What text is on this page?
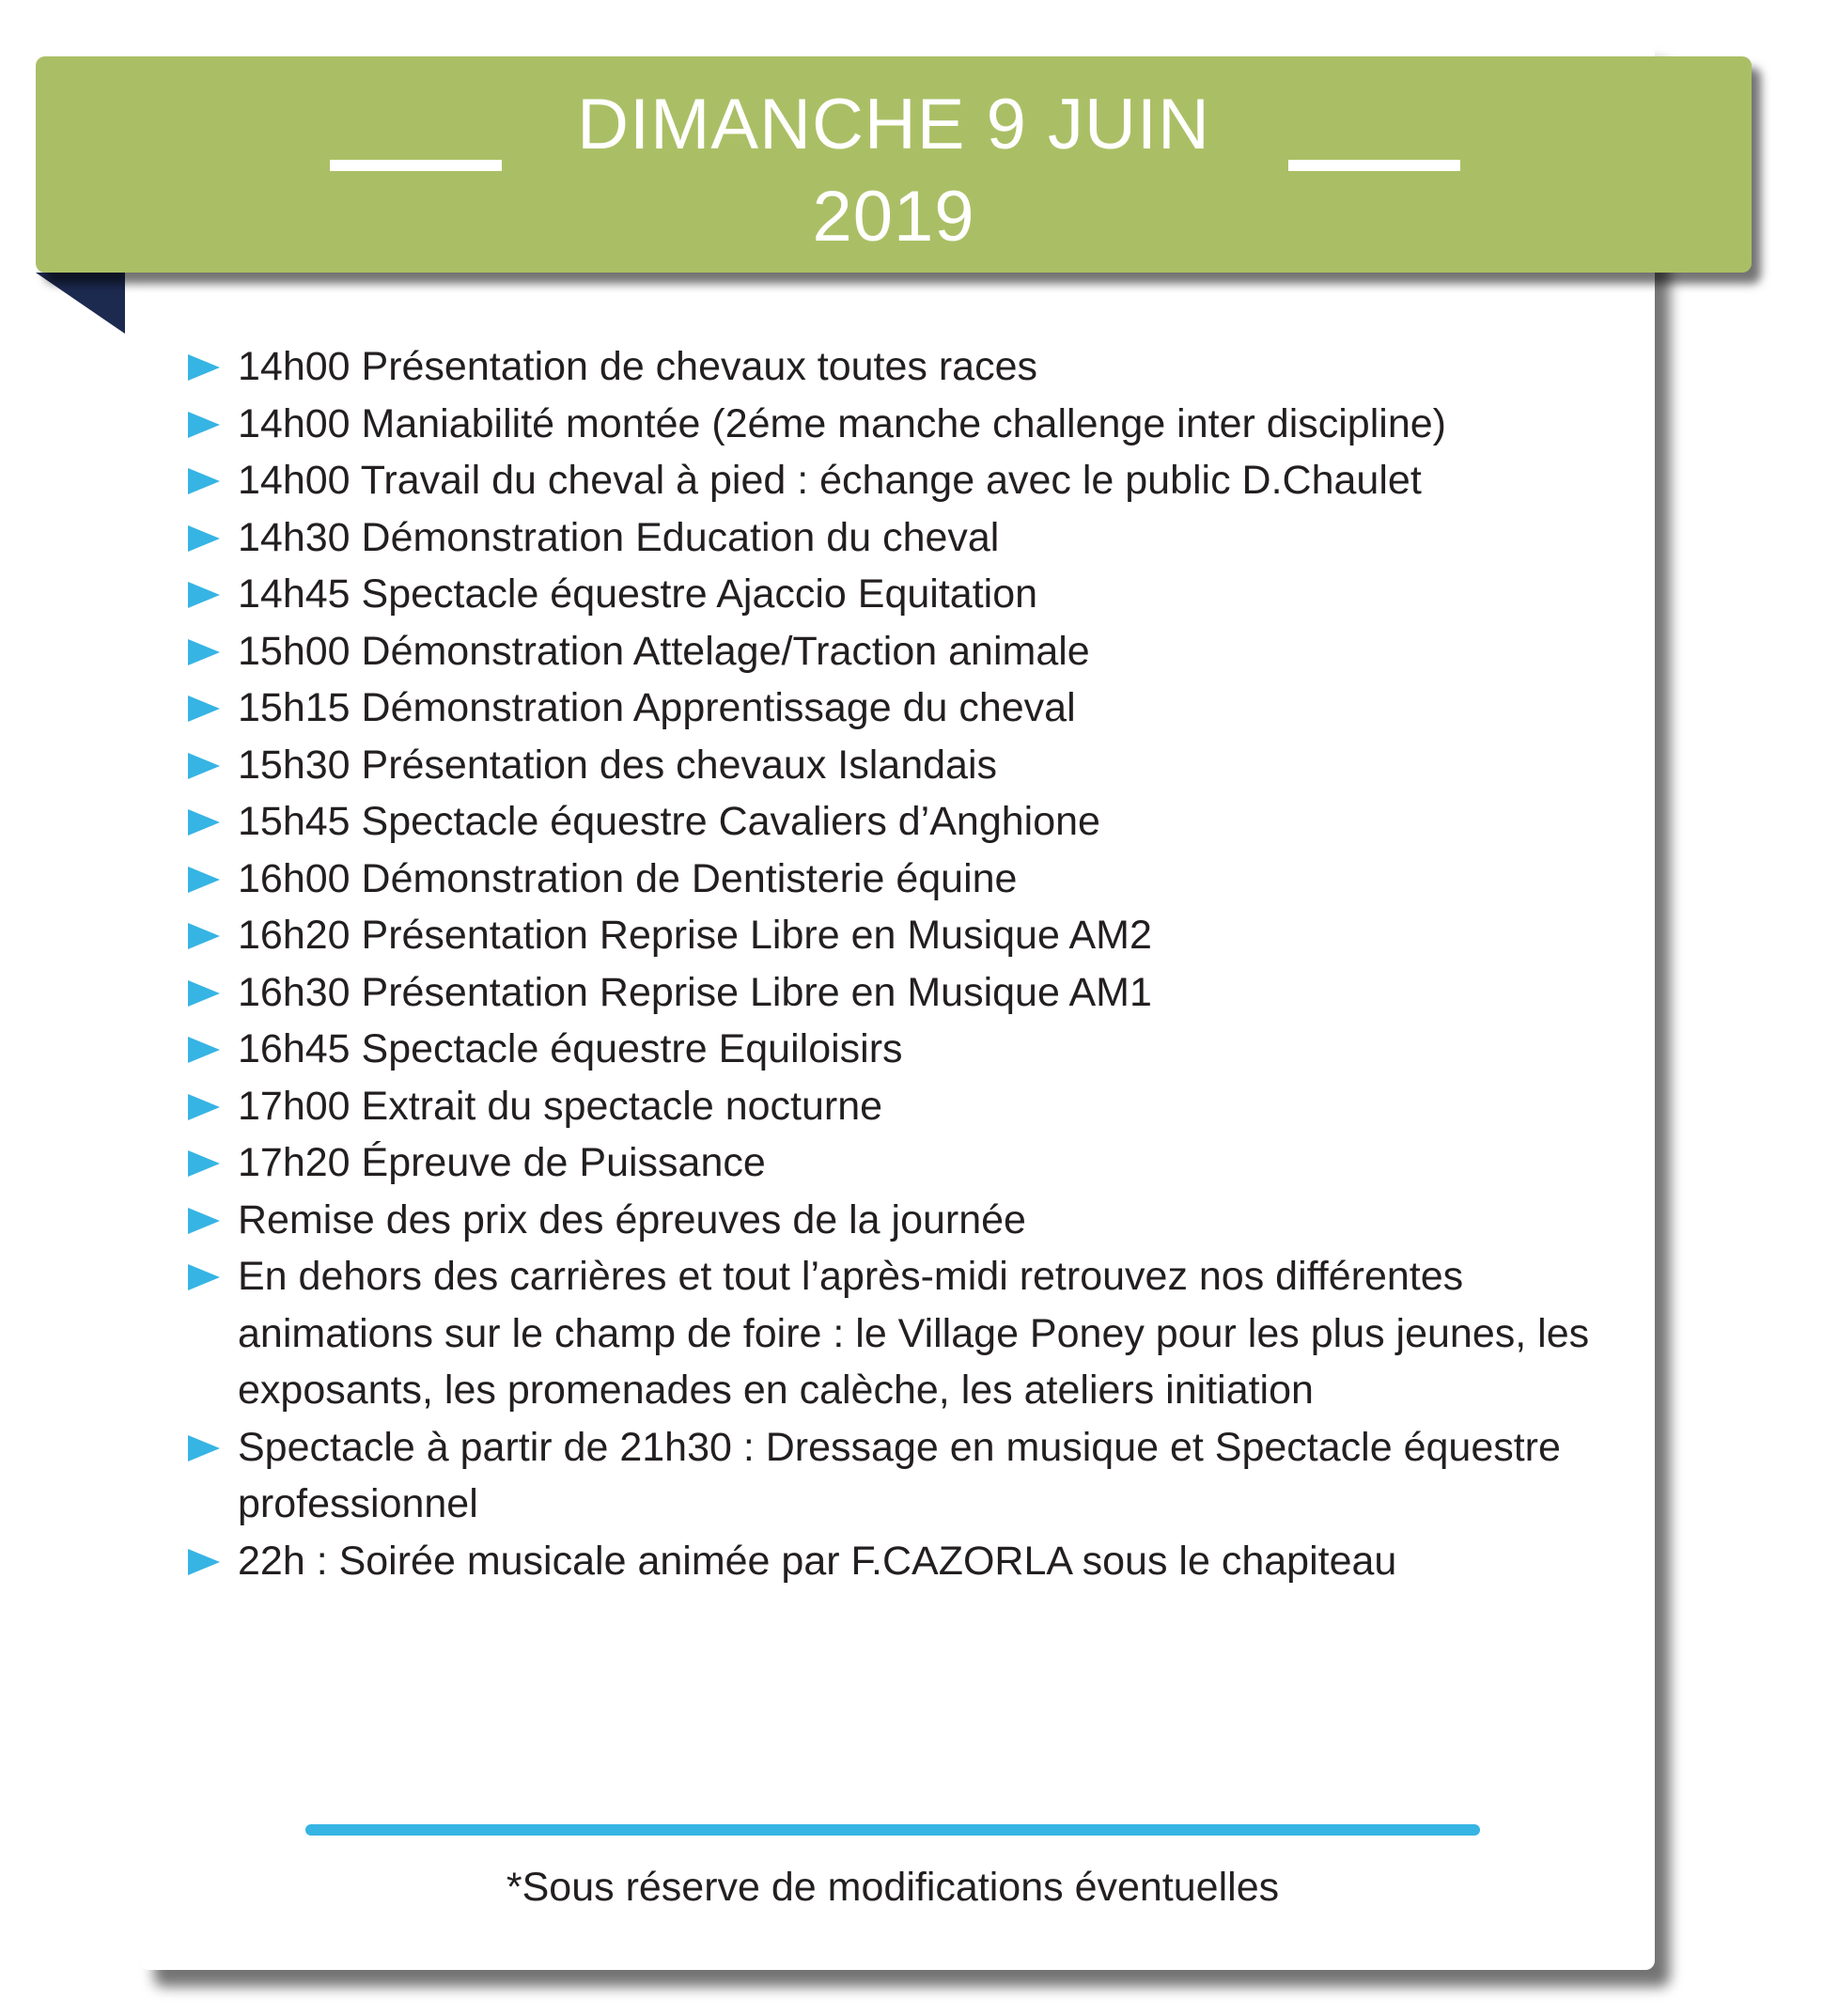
DIMANCHE 9 JUIN
2019
14h00 Présentation de chevaux toutes races
14h00 Maniabilité montée (2éme manche challenge inter discipline)
14h00 Travail du cheval à pied : échange avec le public D.Chaulet
14h30 Démonstration Education du cheval
14h45 Spectacle équestre Ajaccio Equitation
15h00 Démonstration Attelage/Traction animale
15h15 Démonstration Apprentissage du cheval
15h30 Présentation des chevaux Islandais
15h45 Spectacle équestre Cavaliers d’Anghione
16h00 Démonstration de Dentisterie équine
16h20 Présentation Reprise Libre en Musique AM2
16h30 Présentation Reprise Libre en Musique AM1
16h45 Spectacle équestre Equiloisirs
17h00 Extrait du spectacle nocturne
17h20 Épreuve de Puissance
Remise des prix des épreuves de la journée
En dehors des carrières et tout l’après-midi retrouvez nos différentes animations sur le champ de foire : le Village Poney pour les plus jeunes, les exposants, les promenades en calèche, les ateliers initiation
Spectacle à partir de 21h30 : Dressage en musique et Spectacle équestre professionnel
22h : Soirée musicale animée par F.CAZORLA sous le chapiteau
*Sous réserve de modifications éventuelles
